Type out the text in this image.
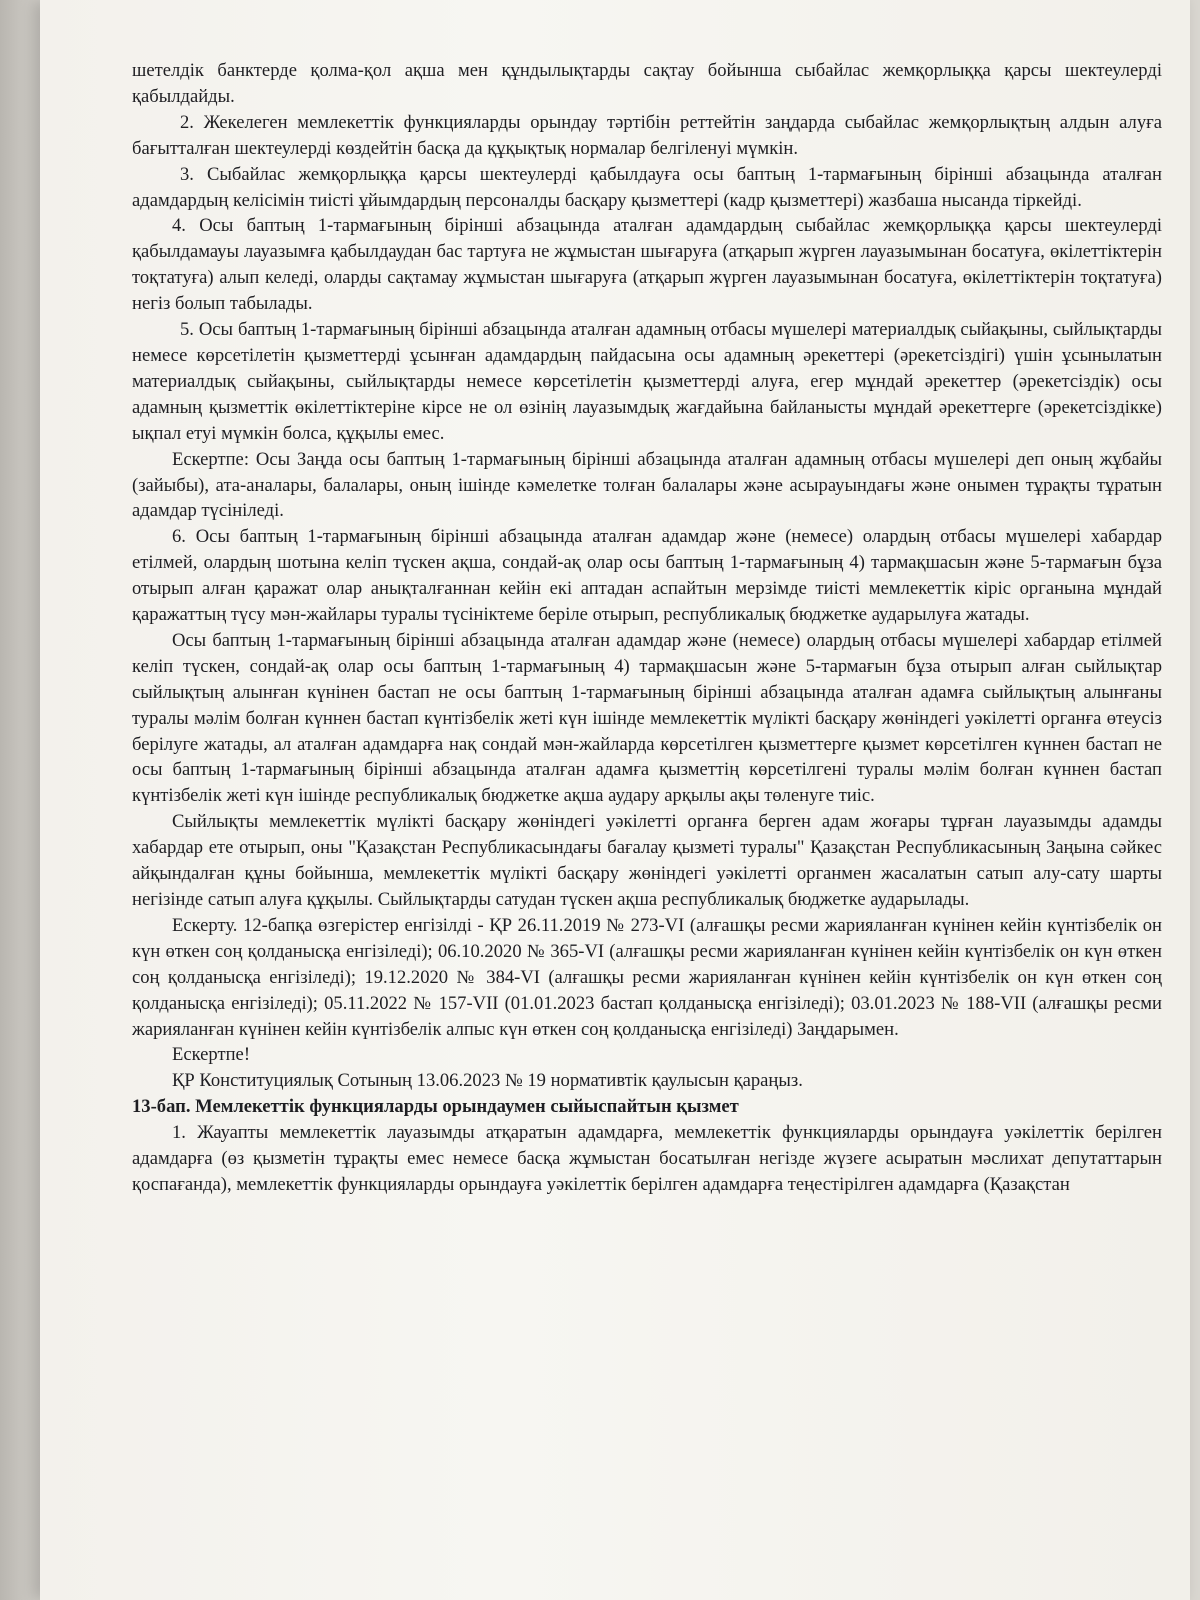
шетелдік банктерде қолма-қол ақша мен құндылықтарды сақтау бойынша сыбайлас жемқорлыққа қарсы шектеулерді қабылдайды.

2. Жекелеген мемлекеттік функцияларды орындау тәртібін реттейтін заңдарда сыбайлас жемқорлықтың алдын алуға бағытталған шектеулерді көздейтін басқа да құқықтық нормалар белгіленуі мүмкін.

3. Сыбайлас жемқорлыққа қарсы шектеулерді қабылдауға осы баптың 1-тармағының бірінші абзацында аталған адамдардың келісімін тиісті ұйымдардың персоналды басқару қызметтері (кадр қызметтері) жазбаша нысанда тіркейді.

4. Осы баптың 1-тармағының бірінші абзацында аталған адамдардың сыбайлас жемқорлыққа қарсы шектеулерді қабылдамауы лауазымға қабылдаудан бас тартуға не жұмыстан шығаруға (атқарып жүрген лауазымынан босатуға, өкілеттіктерін тоқтатуға) алып келеді, оларды сақтамау жұмыстан шығаруға (атқарып жүрген лауазымынан босатуға, өкілеттіктерін тоқтатуға) негіз болып табылады.

5. Осы баптың 1-тармағының бірінші абзацында аталған адамның отбасы мүшелері материалдық сыйақыны, сыйлықтарды немесе көрсетілетін қызметтерді ұсынған адамдардың пайдасына осы адамның әрекеттері (әрекетсіздігі) үшін ұсынылатын материалдық сыйақыны, сыйлықтарды немесе көрсетілетін қызметтерді алуға, егер мұндай әрекеттер (әрекетсіздік) осы адамның қызметтік өкілеттіктеріне кірсе не ол өзінің лауазымдық жағдайына байланысты мұндай әрекеттерге (әрекетсіздікке) ықпал етуі мүмкін болса, құқылы емес.

Ескертпе: Осы Заңда осы баптың 1-тармағының бірінші абзацында аталған адамның отбасы мүшелері деп оның жұбайы (зайыбы), ата-аналары, балалары, оның ішінде кәмелетке толған балалары және асырауындағы және онымен тұрақты тұратын адамдар түсініледі.

6. Осы баптың 1-тармағының бірінші абзацында аталған адамдар және (немесе) олардың отбасы мүшелері хабардар етілмей, олардың шотына келіп түскен ақша, сондай-ақ олар осы баптың 1-тармағының 4) тармақшасын және 5-тармағын бұза отырып алған қаражат олар анықталғаннан кейін екі аптадан аспайтын мерзімде тиісті мемлекеттік кіріс органына мұндай қаражаттың түсу мән-жайлары туралы түсініктеме беріле отырып, республикалық бюджетке аударылуға жатады.

Осы баптың 1-тармағының бірінші абзацында аталған адамдар және (немесе) олардың отбасы мүшелері хабардар етілмей келіп түскен, сондай-ақ олар осы баптың 1-тармағының 4) тармақшасын және 5-тармағын бұза отырып алған сыйлықтар сыйлықтың алынған күнінен бастап не осы баптың 1-тармағының бірінші абзацында аталған адамға сыйлықтың алынғаны туралы мәлім болған күннен бастап күнтізбелік жеті күн ішінде мемлекеттік мүлікті басқару жөніндегі уәкілетті органға өтеусіз берілуге жатады, ал аталған адамдарға нақ сондай мән-жайларда көрсетілген қызметтерге қызмет көрсетілген күннен бастап не осы баптың 1-тармағының бірінші абзацында аталған адамға қызметтің көрсетілгені туралы мәлім болған күннен бастап күнтізбелік жеті күн ішінде республикалық бюджетке ақша аудару арқылы ақы төленуге тиіс.

Сыйлықты мемлекеттік мүлікті басқару жөніндегі уәкілетті органға берген адам жоғары тұрған лауазымды адамды хабардар ете отырып, оны "Қазақстан Республикасындағы бағалау қызметі туралы" Қазақстан Республикасының Заңына сәйкес айқындалған құны бойынша, мемлекеттік мүлікті басқару жөніндегі уәкілетті органмен жасалатын сатып алу-сату шарты негізінде сатып алуға құқылы. Сыйлықтарды сатудан түскен ақша республикалық бюджетке аударылады.

Ескерту. 12-бапқа өзгерістер енгізілді - ҚР 26.11.2019 № 273-VI (алғашқы ресми жарияланған күнінен кейін күнтізбелік он күн өткен соң қолданысқа енгізіледі); 06.10.2020 № 365-VI (алғашқы ресми жарияланған күнінен кейін күнтізбелік он күн өткен соң қолданысқа енгізіледі); 19.12.2020 № 384-VI (алғашқы ресми жарияланған күнінен кейін күнтізбелік он күн өткен соң қолданысқа енгізіледі); 05.11.2022 № 157-VII (01.01.2023 бастап қолданысқа енгізіледі); 03.01.2023 № 188-VII (алғашқы ресми жарияланған күнінен кейін күнтізбелік алпыс күн өткен соң қолданысқа енгізіледі) Заңдарымен.

Ескертпе!

ҚР Конституциялық Сотының 13.06.2023 № 19 нормативтік қаулысын қараңыз.

13-бап. Мемлекеттік функцияларды орындаумен сыйыспайтын қызмет

1. Жауапты мемлекеттік лауазымды атқаратын адамдарға, мемлекеттік функцияларды орындауға уәкілеттік берілген адамдарға (өз қызметін тұрақты емес немесе басқа жұмыстан босатылған негізде жүзеге асыратын мәслихат депутаттарын қоспағанда), мемлекеттік функцияларды орындауға уәкілеттік берілген адамдарға теңестірілген адамдарға (Қазақстан
